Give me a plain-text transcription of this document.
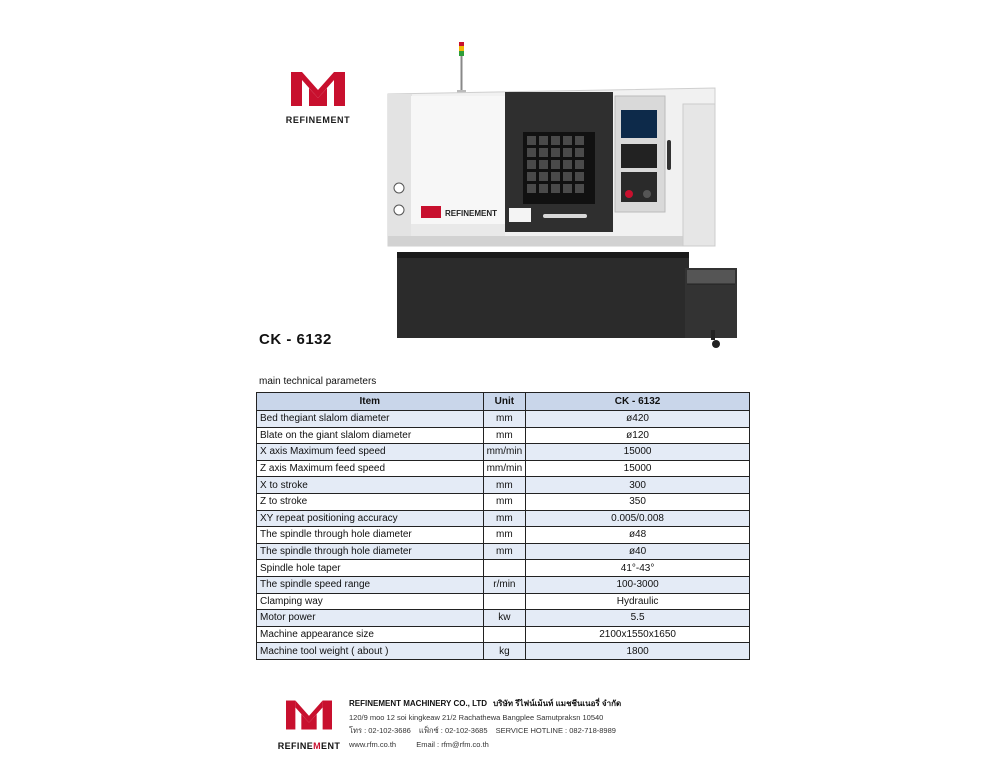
REFINEMENT
REFINEMENT
CK - 6132
main technical parameters
Item	Unit	CK - 6132
Bed thegiant slalom diameter	mm	ø420
Blate on the giant slalom diameter	mm	ø120
X axis Maximum feed speed	mm/min	15000
Z axis Maximum feed speed	mm/min	15000
X to stroke	mm	300
Z to stroke	mm	350
XY repeat positioning accuracy	mm	0.005/0.008
The spindle through hole diameter	mm	ø48
The spindle through hole diameter	mm	ø40
Spindle hole taper		41°-43°
The spindle speed range	r/min	100-3000
Clamping way		Hydraulic
Motor power	kw	5.5
Machine appearance size		2100x1550x1650
Machine tool weight ( about )	kg	1800
REFINEMENT
REFINEMENT MACHINERY CO., LTD บริษัท รีไฟน์เม้นท์ แมชชีนเนอรี่ จำกัด
120/9 moo 12 soi kingkeaw 21/2 Rachathewa Bangplee Samutpraksn 10540
โทร : 02-102-3686 แฟ็กซ์ : 02-102-3685 SERVICE HOTLINE : 082-718-8989
www.rfm.co.th	Email : rfm@rfm.co.th
